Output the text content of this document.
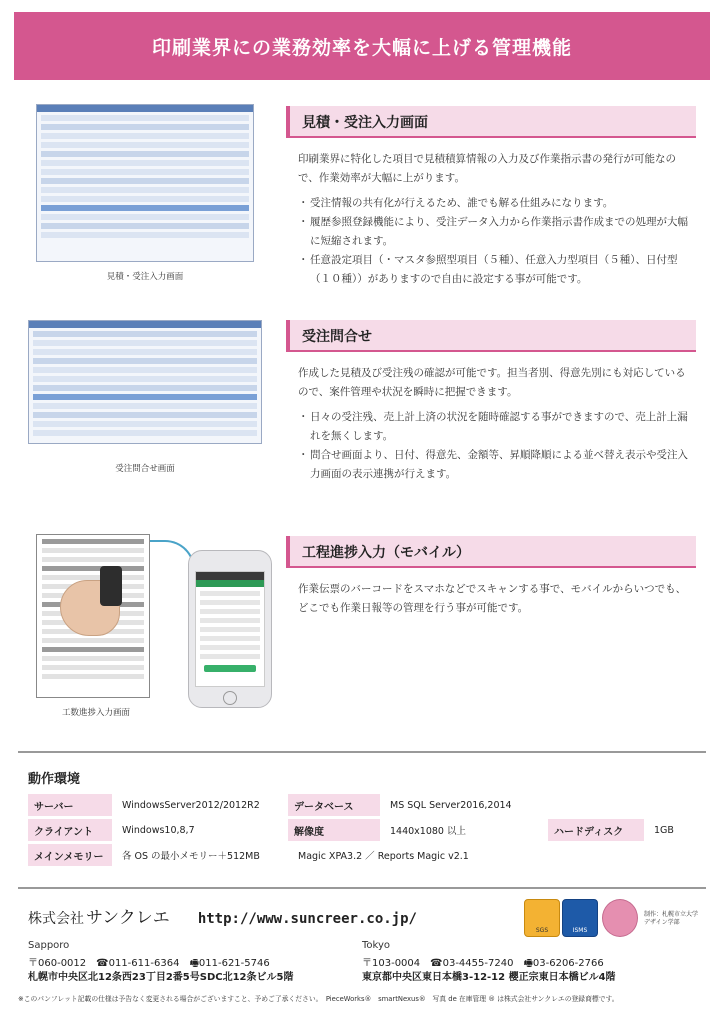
印刷業界にの業務効率を大幅に上げる管理機能
見積・受注入力画面
見積・受注入力画面

印刷業界に特化した項目で見積積算情報の入力及び作業指示書の発行が可能なので、作業効率が大幅に上がります。

・ 受注情報の共有化が行えるため、誰でも解る仕組みになります。
・ 履歴参照登録機能により、受注データ入力から作業指示書作成までの処理が大幅に短縮されます。
・ 任意設定項目（・マスタ参照型項目（５種）、任意入力型項目（５種）、日付型（１０種））がありますので自由に設定する事が可能です。
受注問合せ画面
受注問合せ

作成した見積及び受注残の確認が可能です。担当者別、得意先別にも対応しているので、案件管理や状況を瞬時に把握できます。

・ 日々の受注残、売上計上済の状況を随時確認する事ができますので、売上計上漏れを無くします。
・ 問合せ画面より、日付、得意先、金額等、昇順降順による並べ替え表示や受注入力画面の表示連携が行えます。
工数進捗入力画面
工程進捗入力（モバイル）

作業伝票のバーコードをスマホなどでスキャンする事で、モバイルからいつでも、どこでも作業日報等の管理を行う事が可能です。

動作環境
サーバー	WindowsServer2012/2012R2	データベース	MS SQL Server2016,2014
クライアント	Windows10,8,7	解像度	1440x1080 以上	ハードディスク	1GB
メインメモリー	各 OS の最小メモリー＋512MB	Magic XPA3.2 ／ Reports Magic v2.1
株式会社 サンクレエ http://www.suncreer.co.jp/
SGS	ISMS
制作：札幌市立大学
デザイン学部
Sapporo
〒060-0012　☎011-611-6364　🖷011-621-5746
札幌市中央区北12条西23丁目2番5号SDC北12条ビル5階
Tokyo
〒103-0004　☎03-4455-7240　🖷03-6206-2766
東京都中央区東日本橋3-12-12 櫻正宗東日本橋ビル4階
※このパンフレット記載の仕様は予告なく変更される場合がございますこと、予めご了承ください。　PieceWorks®　smartNexus®　写真 de 在庫管理 ® は株式会社サンクレエの登録商標です。
